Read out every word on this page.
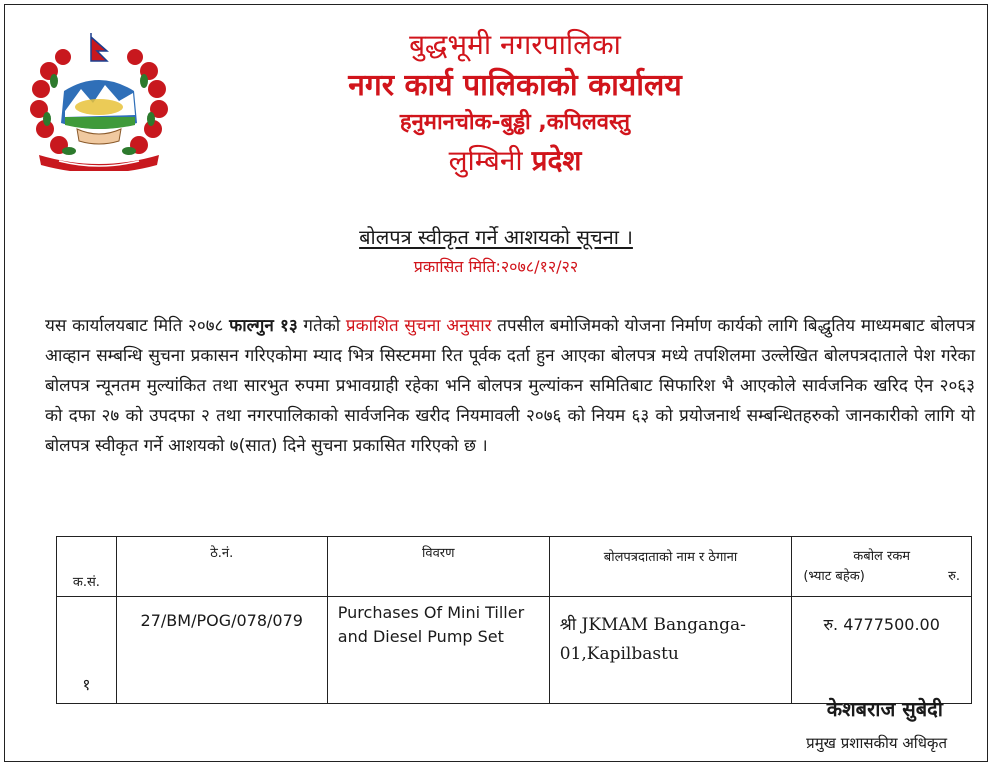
बुद्धभूमी नगरपालिका
नगर कार्य पालिकाको कार्यालय
हनुमानचोक-बुड्ढी ,कपिलवस्तु
लुम्बिनी प्रदेश
बोलपत्र स्वीकृत गर्ने आशयको सूचना ।
प्रकासित मिति:२०७८/१२/२२
यस कार्यालयबाट मिति २०७८ फाल्गुन १३ गतेको प्रकाशित सुचना अनुसार तपसील बमोजिमको योजना निर्माण कार्यको लागि बिद्धुतिय माध्यमबाट बोलपत्र आव्हान सम्बन्धि सुचना प्रकासन गरिएकोमा म्याद भित्र सिस्टममा रित पूर्वक दर्ता हुन आएका बोलपत्र मध्ये तपशिलमा उल्लेखित बोलपत्रदाताले पेश गरेका बोलपत्र न्यूनतम मुल्यांकित तथा सारभुत रुपमा प्रभावग्राही रहेका भनि बोलपत्र मुल्यांकन समितिबाट सिफारिश भै आएकोले सार्वजनिक खरिद ऐन २०६३ को दफा २७ को उपदफा २ तथा नगरपालिकाको सार्वजनिक खरीद नियमावली २०७६ को नियम ६३ को प्रयोजनार्थ सम्बन्धितहरुको जानकारीको लागि यो बोलपत्र स्वीकृत गर्ने आशयको ७(सात) दिने सुचना प्रकासित गरिएको छ ।
क.सं.	ठे.नं.	विवरण	बोलपत्रदाताको नाम र ठेगाना	कबोल रकम
(भ्याट बहेक) रु.

१	27/BM/POG/078/079	Purchases Of Mini Tiller and Diesel Pump Set	श्री JKMAM Banganga-01,Kapilbastu	रु. 4777500.00
केशबराज सुबेदी
प्रमुख प्रशासकीय अधिकृत
